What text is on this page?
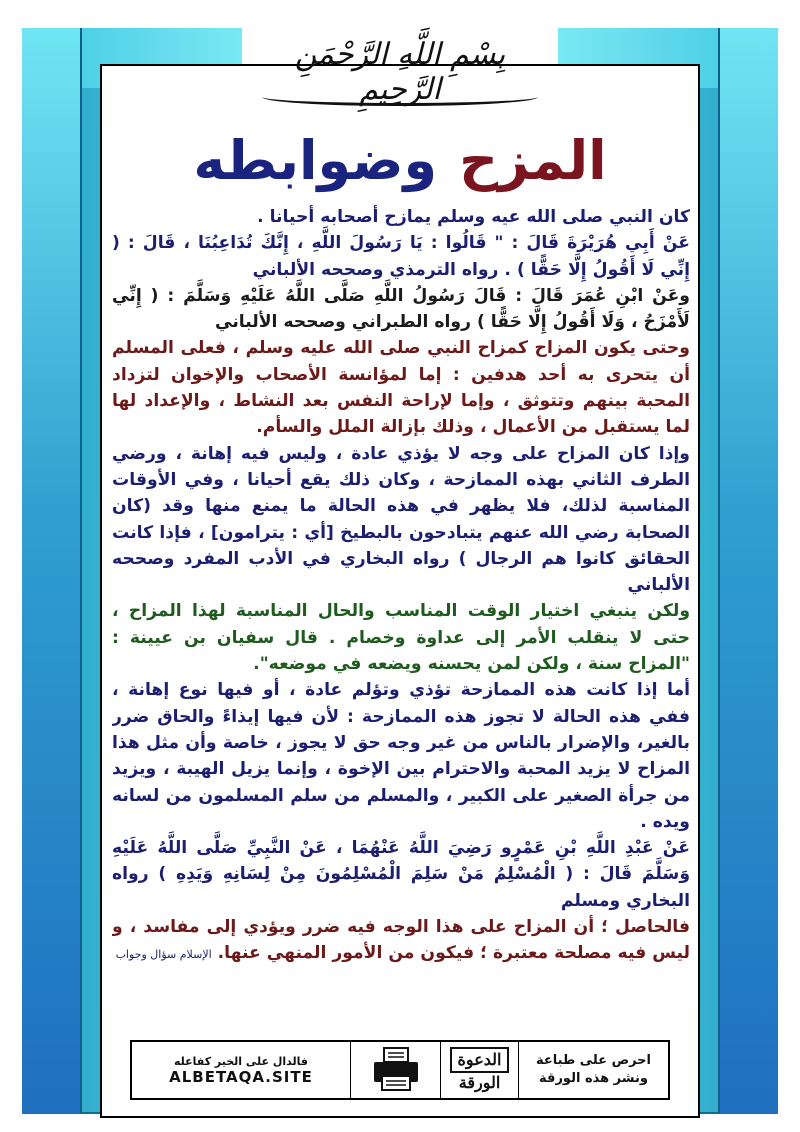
بِسْمِ اللَّهِ الرَّحْمَنِ الرَّحِيمِ
المزح
وضوابطه

كان النبي صلى الله عيه وسلم يمازح أصحابه أحيانا .

عَنْ أَبِي هُرَيْرَةَ قَالَ : " قَالُوا : يَا رَسُولَ اللَّهِ ، إِنَّكَ تُدَاعِبُنَا ، قَالَ : ( إِنِّي لَا أَقُولُ إِلَّا حَقًّا ) . رواه الترمذي وصححه الألباني

وعَنْ ابْنِ عُمَرَ قَالَ : قَالَ رَسُولُ اللَّهِ صَلَّى اللَّهُ عَلَيْهِ وَسَلَّمَ : ( إِنِّي لَأَمْزَحُ ، وَلَا أَقُولُ إِلَّا حَقًّا ) رواه الطبراني وصححه الألباني

وحتى يكون المزاح كمزاح النبي صلى الله عليه وسلم ، فعلى المسلم أن يتحرى به أحد هدفين : إما لمؤانسة الأصحاب والإخوان لتزداد المحبة بينهم وتتوثق ، وإما لإراحة النفس بعد النشاط ، والإعداد لها لما يستقبل من الأعمال ، وذلك بإزالة الملل والسأم.

وإذا كان المزاح على وجه لا يؤذي عادة ، وليس فيه إهانة ، ورضي الطرف الثاني بهذه الممازحة ، وكان ذلك يقع أحيانا ، وفي الأوقات المناسبة لذلك، فلا يظهر في هذه الحالة ما يمنع منها وقد (كان الصحابة رضي الله عنهم يتبادحون بالبطيخ [أي : يترامون] ، فإذا كانت الحقائق كانوا هم الرجال ) رواه البخاري في الأدب المفرد وصححه الألباني

ولكن ينبغي اختيار الوقت المناسب والحال المناسبة لهذا المزاح ، حتى لا ينقلب الأمر إلى عداوة وخصام . قال سفيان بن عيينة : "المزاح سنة ، ولكن لمن يحسنه ويضعه في موضعه".

أما إذا كانت هذه الممازحة تؤذي وتؤلم عادة ، أو فيها نوع إهانة ، ففي هذه الحالة لا تجوز هذه الممازحة : لأن فيها إيذاءً والحاق ضرر بالغير، والإضرار بالناس من غير وجه حق لا يجوز ، خاصة وأن مثل هذا المزاح لا يزيد المحبة والاحترام بين الإخوة ، وإنما يزيل الهيبة ، ويزيد من جرأة الصغير على الكبير ، والمسلم من سلم المسلمون من لسانه ويده .

عَنْ عَبْدِ اللَّهِ بْنِ عَمْرٍو رَضِيَ اللَّهُ عَنْهُمَا ، عَنْ النَّبِيِّ صَلَّى اللَّهُ عَلَيْهِ وَسَلَّمَ قَالَ : ( الْمُسْلِمُ مَنْ سَلِمَ الْمُسْلِمُونَ مِنْ لِسَانِهِ وَيَدِهِ ) رواه البخاري ومسلم

فالحاصل ؛ أن المزاح على هذا الوجه فيه ضرر ويؤدي إلى مفاسد ، و ليس فيه مصلحة معتبرة ؛ فيكون من الأمور المنهي عنها.الإسلام سؤال وجواب

احرص على طباعة
ونشر هذه الورقة
الدعوة
الورقة
فالدال على الخير كفاعله
ALBETAQA.SITE
